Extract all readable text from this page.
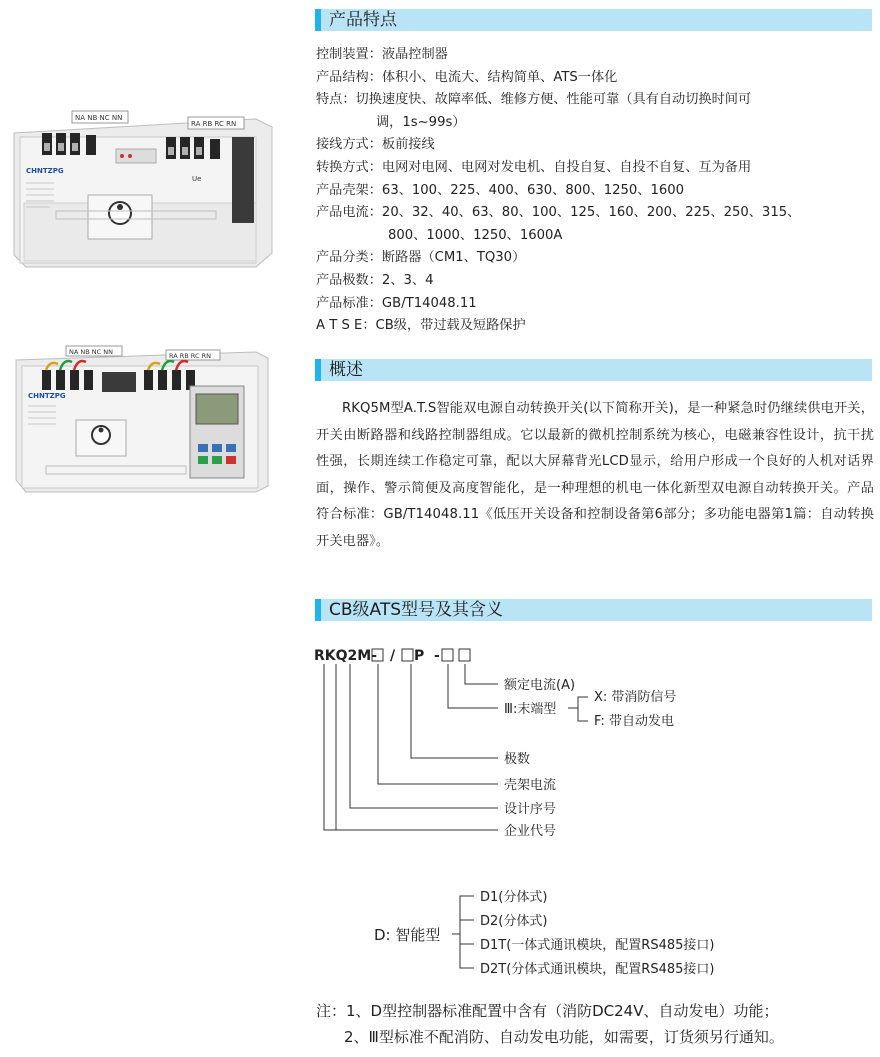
产品特点
控制装置：液晶控制器
产品结构：体积小、电流大、结构简单、ATS一体化
特点：切换速度快、故障率低、维修方便、性能可靠（具有自动切换时间可
调，1s~99s）
接线方式：板前接线
转换方式：电网对电网、电网对发电机、自投自复、自投不自复、互为备用
产品壳架：63、100、225、400、630、800、1250、1600
产品电流：20、32、40、63、80、100、125、160、200、225、250、315、
800、1000、1250、1600A
产品分类：断路器（CM1、TQ30）
产品极数：2、3、4
产品标准：GB/T14048.11
A T S E：CB级，带过载及短路保护
NA NB NC NN
RA RB RC RN
CHNTZPG
Ue
NA NB NC NN	RA RB RC RN
CHNTZPG
概述
RKQ5M型A.T.S智能双电源自动转换开关(以下简称开关)，是一种紧急时仍继续供电开关，开关由断路器和线路控制器组成。它以最新的微机控制系统为核心，电磁兼容性设计，抗干扰性强，长期连续工作稳定可靠，配以大屏幕背光LCD显示，给用户形成一个良好的人机对话界面，操作、警示简便及高度智能化，是一种理想的机电一体化新型双电源自动转换开关。产品符合标准：GB/T14048.11《低压开关设备和控制设备第6部分；多功能电器第1篇：自动转换开关电器》。
CB级ATS型号及其含义
RKQ2M- / P -
额定电流(A)
Ⅲ:末端型
X: 带消防信号
F: 带自动发电
极数
壳架电流
设计序号
企业代号
D: 智能型
D1(分体式)
D2(分体式)
D1T(一体式通讯模块，配置RS485接口)
D2T(分体式通讯模块，配置RS485接口)
注：1、D型控制器标准配置中含有（消防DC24V、自动发电）功能；
2、Ⅲ型标准不配消防、自动发电功能，如需要，订货须另行通知。
